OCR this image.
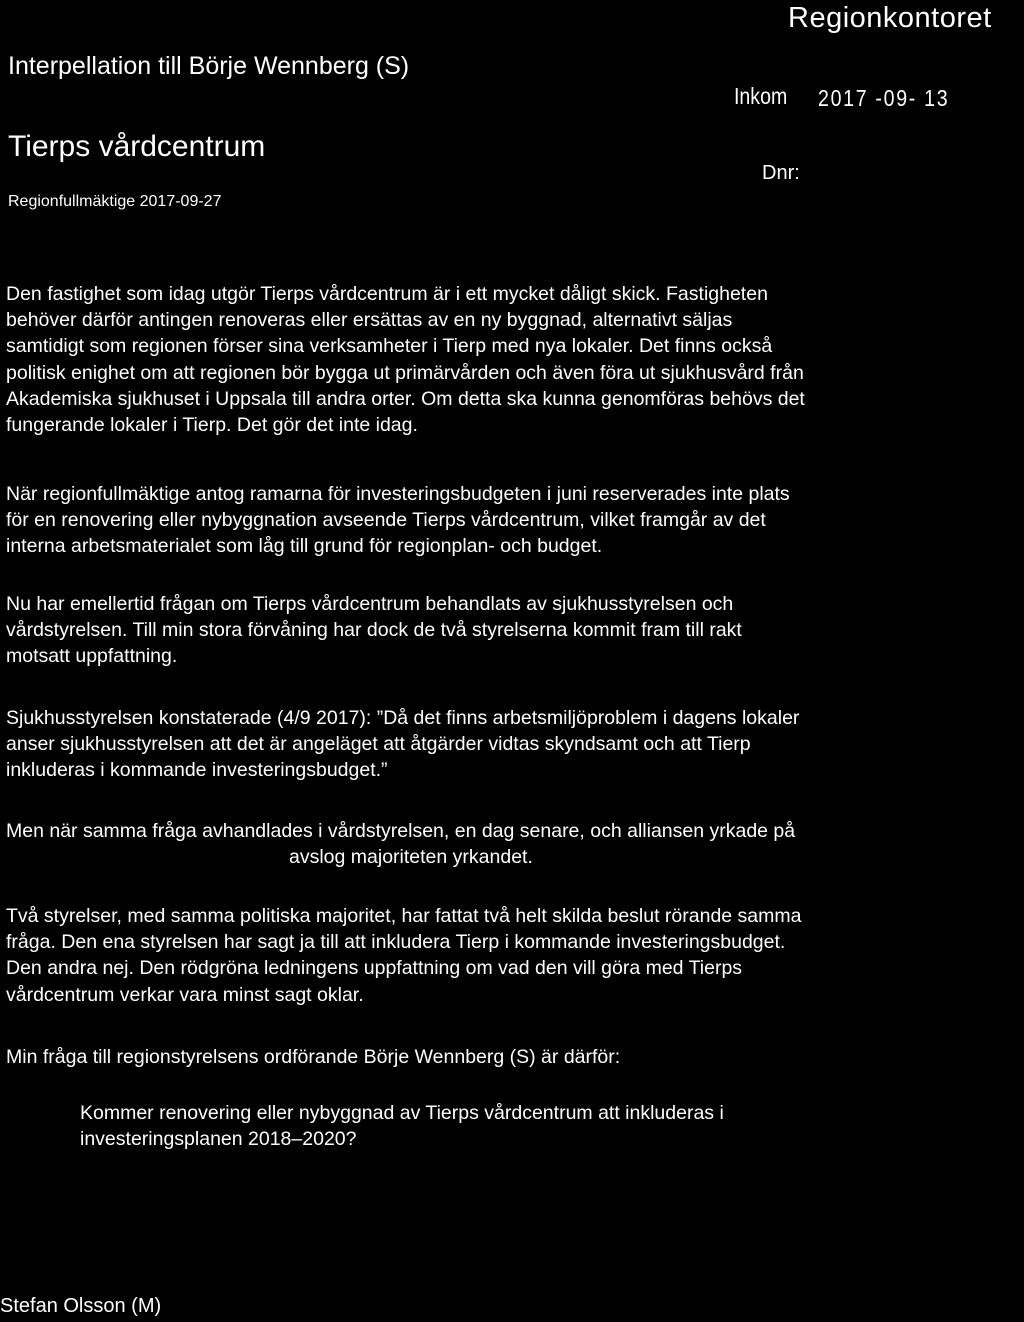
Interpellation till Börje Wennberg (S)
Tierps vårdcentrum
Regionfullmäktige 2017-09-27
Regionkontoret
Inkom 2017 -09- 13
Dnr:

Den fastighet som idag utgör Tierps vårdcentrum är i ett mycket dåligt skick. Fastigheten
behöver därför antingen renoveras eller ersättas av en ny byggnad, alternativt säljas
samtidigt som regionen förser sina verksamheter i Tierp med nya lokaler. Det finns också
politisk enighet om att regionen bör bygga ut primärvården och även föra ut sjukhusvård från
Akademiska sjukhuset i Uppsala till andra orter. Om detta ska kunna genomföras behövs det
fungerande lokaler i Tierp. Det gör det inte idag.

När regionfullmäktige antog ramarna för investeringsbudgeten i juni reserverades inte plats
för en renovering eller nybyggnation avseende Tierps vårdcentrum, vilket framgår av det
interna arbetsmaterialet som låg till grund för regionplan- och budget.

Nu har emellertid frågan om Tierps vårdcentrum behandlats av sjukhusstyrelsen och
vårdstyrelsen. Till min stora förvåning har dock de två styrelserna kommit fram till rakt
motsatt uppfattning.

Sjukhusstyrelsen konstaterade (4/9 2017): ”Då det finns arbetsmiljöproblem i dagens lokaler
anser sjukhusstyrelsen att det är angeläget att åtgärder vidtas skyndsamt och att Tierp
inkluderas i kommande investeringsbudget.”

Men när samma fråga avhandlades i vårdstyrelsen, en dag senare, och alliansen yrkade på
avslog majoriteten yrkandet.

Två styrelser, med samma politiska majoritet, har fattat två helt skilda beslut rörande samma
fråga. Den ena styrelsen har sagt ja till att inkludera Tierp i kommande investeringsbudget.
Den andra nej. Den rödgröna ledningens uppfattning om vad den vill göra med Tierps
vårdcentrum verkar vara minst sagt oklar.

Min fråga till regionstyrelsens ordförande Börje Wennberg (S) är därför:

Kommer renovering eller nybyggnad av Tierps vårdcentrum att inkluderas i
investeringsplanen 2018–2020?

Stefan Olsson (M)
